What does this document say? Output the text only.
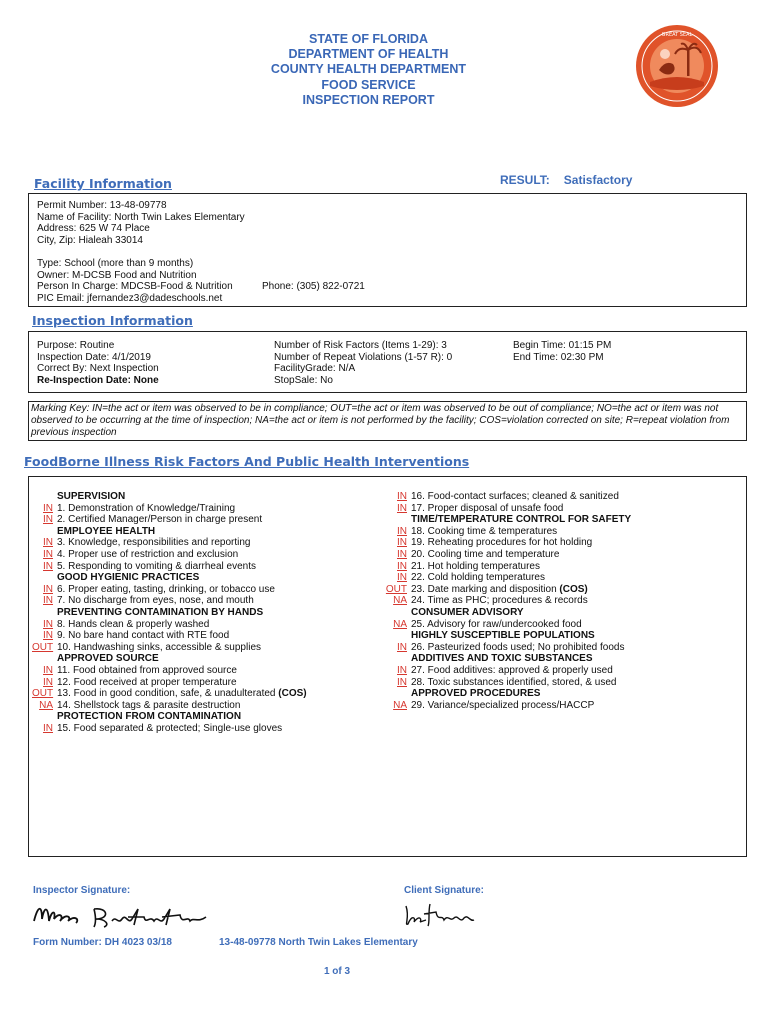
STATE OF FLORIDA
DEPARTMENT OF HEALTH
COUNTY HEALTH DEPARTMENT
FOOD SERVICE
INSPECTION REPORT
GREAT SEAL
Facility Information	RESULT: Satisfactory
Permit Number: 13-48-09778
Name of Facility: North Twin Lakes Elementary
Address: 625 W 74 Place
City, Zip: Hialeah 33014
Type: School (more than 9 months)
Owner: M-DCSB Food and Nutrition
Person In Charge: MDCSB-Food & Nutrition	Phone: (305) 822-0721
PIC Email: jfernandez3@dadeschools.net
Inspection Information
Purpose: Routine
Inspection Date: 4/1/2019
Correct By: Next Inspection
Re-Inspection Date: None
Number of Risk Factors (Items 1-29): 3
Number of Repeat Violations (1-57 R): 0
FacilityGrade: N/A
StopSale: No
Begin Time: 01:15 PM
End Time: 02:30 PM
Marking Key: IN=the act or item was observed to be in compliance; OUT=the act or item was observed to be out of compliance; NO=the act or item was not observed to be occurring at the time of inspection; NA=the act or item is not performed by the facility; COS=violation corrected on site; R=repeat violation from previous inspection
FoodBorne Illness Risk Factors And Public Health Interventions
SUPERVISION
IN 1. Demonstration of Knowledge/Training
IN 2. Certified Manager/Person in charge present
EMPLOYEE HEALTH
IN 3. Knowledge, responsibilities and reporting
IN 4. Proper use of restriction and exclusion
IN 5. Responding to vomiting & diarrheal events
GOOD HYGIENIC PRACTICES
IN 6. Proper eating, tasting, drinking, or tobacco use
IN 7. No discharge from eyes, nose, and mouth
PREVENTING CONTAMINATION BY HANDS
IN 8. Hands clean & properly washed
IN 9. No bare hand contact with RTE food
OUT 10. Handwashing sinks, accessible & supplies
APPROVED SOURCE
IN 11. Food obtained from approved source
IN 12. Food received at proper temperature
OUT 13. Food in good condition, safe, & unadulterated (COS)
NA 14. Shellstock tags & parasite destruction
PROTECTION FROM CONTAMINATION
IN 15. Food separated & protected; Single-use gloves
IN 16. Food-contact surfaces; cleaned & sanitized
IN 17. Proper disposal of unsafe food
TIME/TEMPERATURE CONTROL FOR SAFETY
IN 18. Cooking time & temperatures
IN 19. Reheating procedures for hot holding
IN 20. Cooling time and temperature
IN 21. Hot holding temperatures
IN 22. Cold holding temperatures
OUT 23. Date marking and disposition (COS)
NA 24. Time as PHC; procedures & records
CONSUMER ADVISORY
NA 25. Advisory for raw/undercooked food
HIGHLY SUSCEPTIBLE POPULATIONS
IN 26. Pasteurized foods used; No prohibited foods
ADDITIVES AND TOXIC SUBSTANCES
IN 27. Food additives: approved & properly used
IN 28. Toxic substances identified, stored, & used
APPROVED PROCEDURES
NA 29. Variance/specialized process/HACCP
Inspector Signature:	Client Signature:
Form Number: DH 4023 03/18	13-48-09778 North Twin Lakes Elementary
1 of 3
